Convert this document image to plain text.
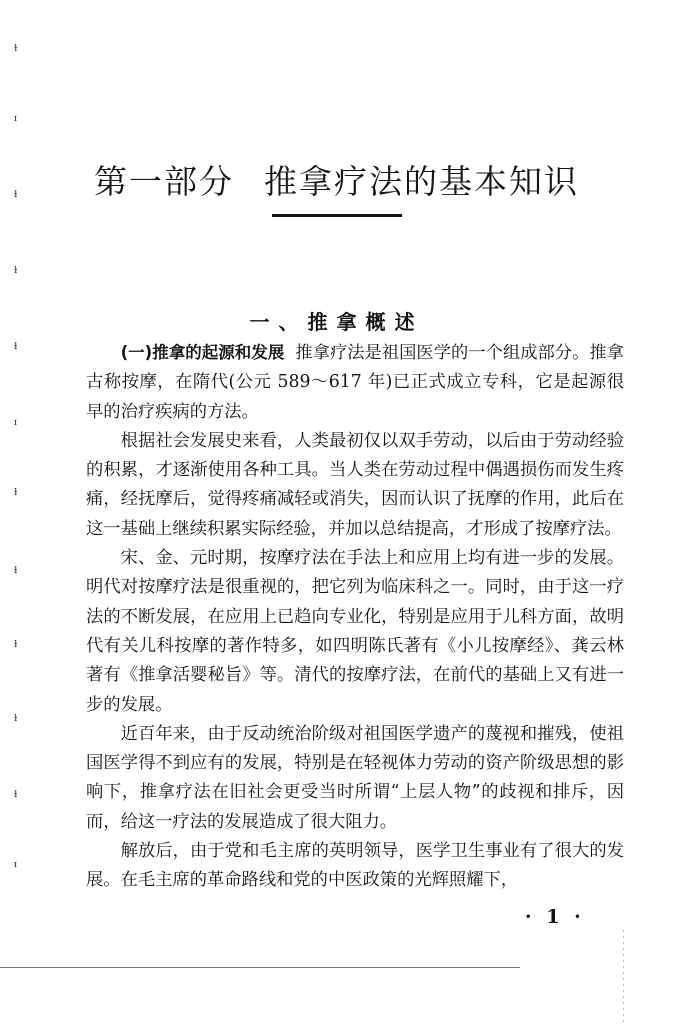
ɫ
ɪ
ɫ
ɫ
ɫ
ɪ
ɫ
ɫ
ɫ
ɫ
ɫ
ɪ
第一部分 推拿疗法的基本知识
一、推拿概述

(一)推拿的起源和发展 推拿疗法是祖国医学的一个组成部分。推拿古称按摩，在隋代(公元 589～617 年)已正式成立专科，它是起源很早的治疗疾病的方法。

根据社会发展史来看，人类最初仅以双手劳动，以后由于劳动经验的积累，才逐渐使用各种工具。当人类在劳动过程中偶遇损伤而发生疼痛，经抚摩后，觉得疼痛减轻或消失，因而认识了抚摩的作用，此后在这一基础上继续积累实际经验，并加以总结提高，才形成了按摩疗法。

宋、金、元时期，按摩疗法在手法上和应用上均有进一步的发展。明代对按摩疗法是很重视的，把它列为临床科之一。同时，由于这一疗法的不断发展，在应用上已趋向专业化，特别是应用于儿科方面，故明代有关儿科按摩的著作特多，如四明陈氏著有《小儿按摩经》、龚云林著有《推拿活婴秘旨》等。清代的按摩疗法，在前代的基础上又有进一步的发展。

近百年来，由于反动统治阶级对祖国医学遗产的蔑视和摧残，使祖国医学得不到应有的发展，特别是在轻视体力劳动的资产阶级思想的影响下，推拿疗法在旧社会更受当时所谓“上层人物”的歧视和排斥，因而，给这一疗法的发展造成了很大阻力。

解放后，由于党和毛主席的英明领导，医学卫生事业有了很大的发展。在毛主席的革命路线和党的中医政策的光辉照耀下，

· 1 ·
